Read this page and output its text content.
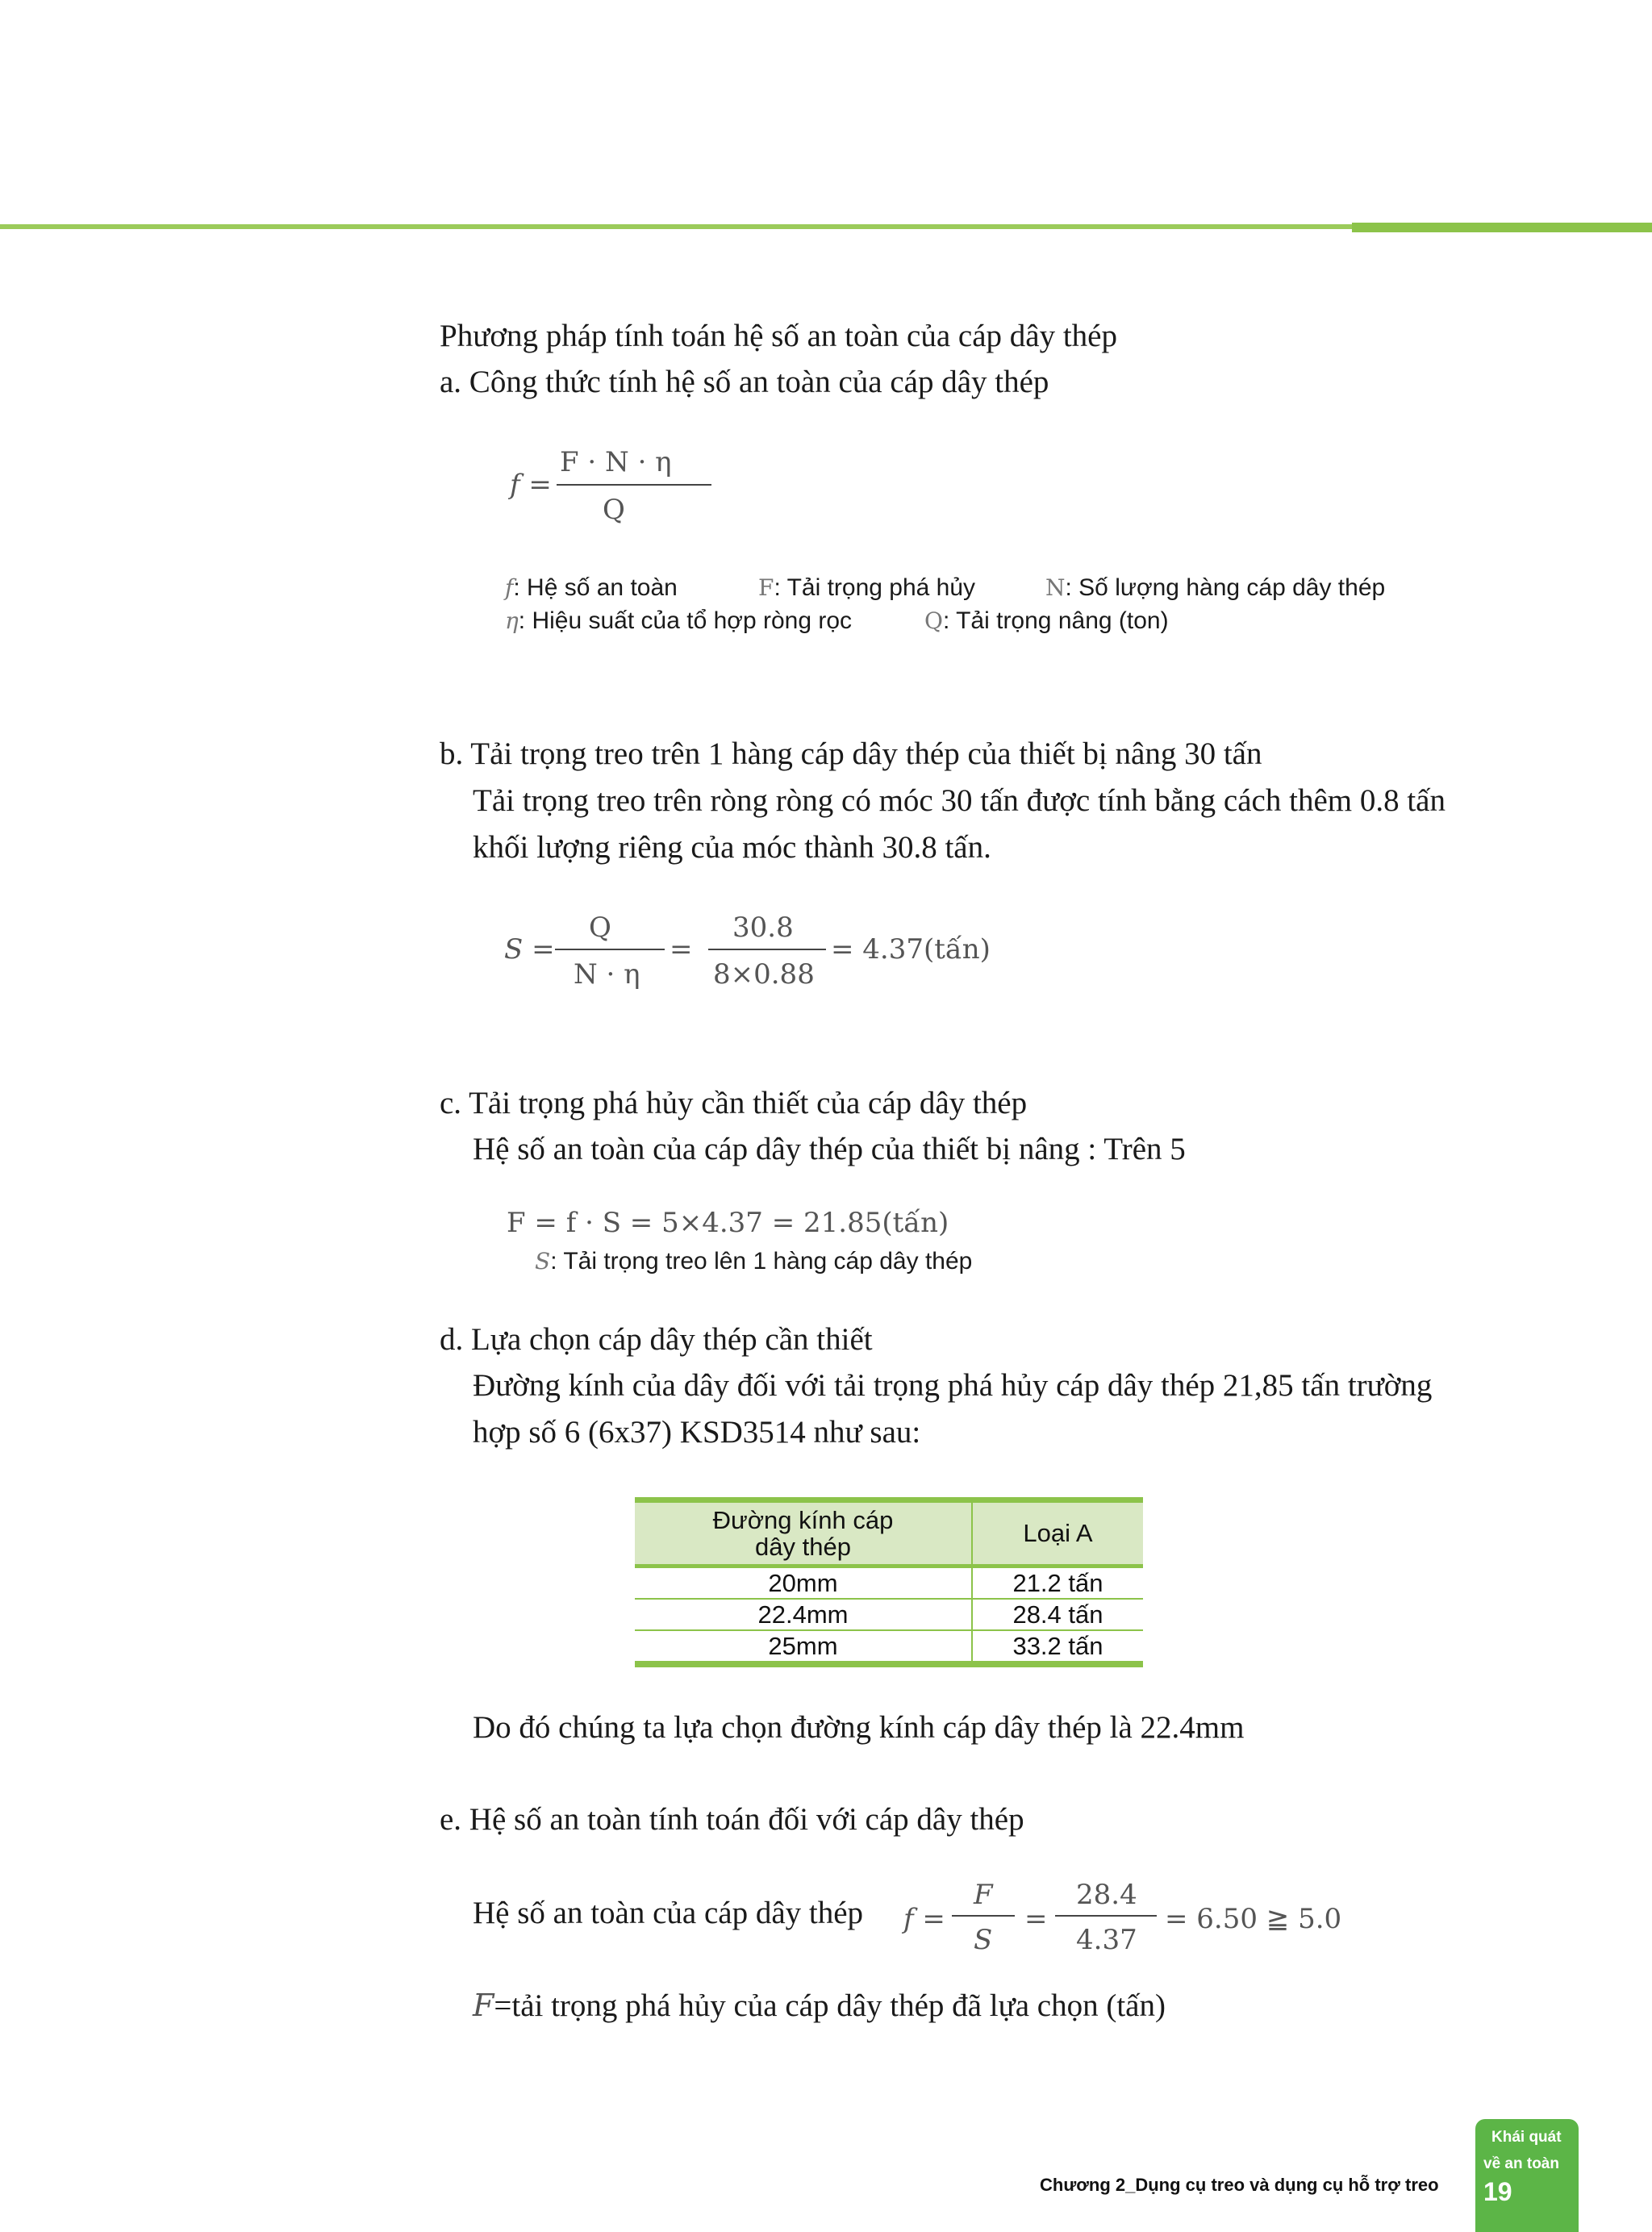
Phương pháp tính toán hệ số an toàn của cáp dây thép
a. Công thức tính hệ số an toàn của cáp dây thép
f =
F · N · η
Q
f: Hệ số an toàn	F: Tải trọng phá hủy	N: Số lượng hàng cáp dây thép
η: Hiệu suất của tổ hợp ròng rọc	Q: Tải trọng nâng (ton)
b. Tải trọng treo trên 1 hàng cáp dây thép của thiết bị nâng 30 tấn
Tải trọng treo trên ròng ròng có móc 30 tấn được tính bằng cách thêm 0.8 tấn
khối lượng riêng của móc thành 30.8 tấn.
S =
Q
N · η
=
30.8
8×0.88
= 4.37(tấn)
c. Tải trọng phá hủy cần thiết của cáp dây thép
Hệ số an toàn của cáp dây thép của thiết bị nâng : Trên 5
F = f · S = 5×4.37 = 21.85(tấn)
S: Tải trọng treo lên 1 hàng cáp dây thép
d. Lựa chọn cáp dây thép cần thiết
Đường kính của dây đối với tải trọng phá hủy cáp dây thép 21,85 tấn trường
hợp số 6 (6x37) KSD3514 như sau:
Đường kính cáp
dây thép	Loại A
20mm	21.2 tấn
22.4mm	28.4 tấn
25mm	33.2 tấn
Do đó chúng ta lựa chọn đường kính cáp dây thép là 22.4mm
e. Hệ số an toàn tính toán đối với cáp dây thép
Hệ số an toàn của cáp dây thép f =
F
S
=
28.4
4.37
= 6.50 ≧ 5.0
F=tải trọng phá hủy của cáp dây thép đã lựa chọn (tấn)
Chương 2_Dụng cụ treo và dụng cụ hỗ trợ treo
Khái quát
về an toàn
19
